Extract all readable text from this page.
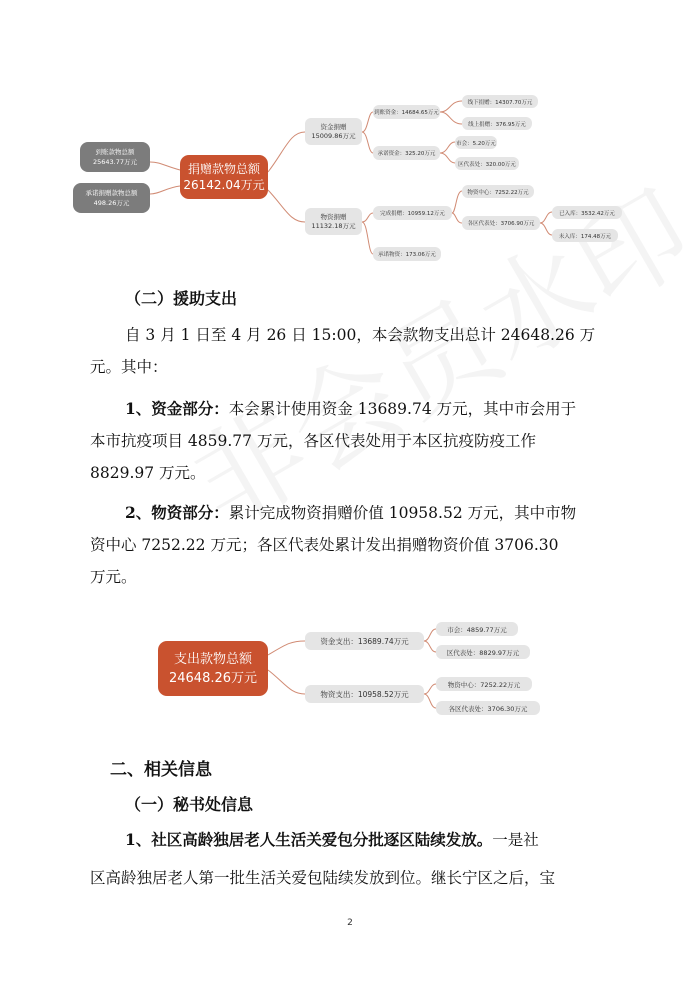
到账款物总额
25643.77万元
承诺捐赠款物总额
498.26万元
捐赠款物总额
26142.04万元
资金捐赠
15009.86万元
物资捐赠
11132.18万元
到账资金：14684.65万元
线下捐赠：14307.70万元
线上捐赠：376.95万元
承诺资金：325.20万元
市会：5.20万元
区代表处：320.00万元
完成捐赠：10959.12万元
物资中心：7252.22万元
各区代表处：3706.90万元
已入库：3532.42万元
未入库：174.48万元
承诺物资：173.06万元
（二）援助支出
自 3 月 1 日至 4 月 26 日 15:00，本会款物支出总计 24648.26 万
元。其中：
1、资金部分：本会累计使用资金 13689.74 万元，其中市会用于
本市抗疫项目 4859.77 万元，各区代表处用于本区抗疫防疫工作
8829.97 万元。
2、物资部分：累计完成物资捐赠价值 10958.52 万元，其中市物
资中心 7252.22 万元；各区代表处累计发出捐赠物资价值 3706.30
万元。
支出款物总额
24648.26万元
资金支出：13689.74万元
市会：4859.77万元
区代表处：8829.97万元
物资支出：10958.52万元
物资中心：7252.22万元
各区代表处：3706.30万元
二、相关信息
（一）秘书处信息
1、社区高龄独居老人生活关爱包分批逐区陆续发放。一是社
区高龄独居老人第一批生活关爱包陆续发放到位。继长宁区之后，宝
2
